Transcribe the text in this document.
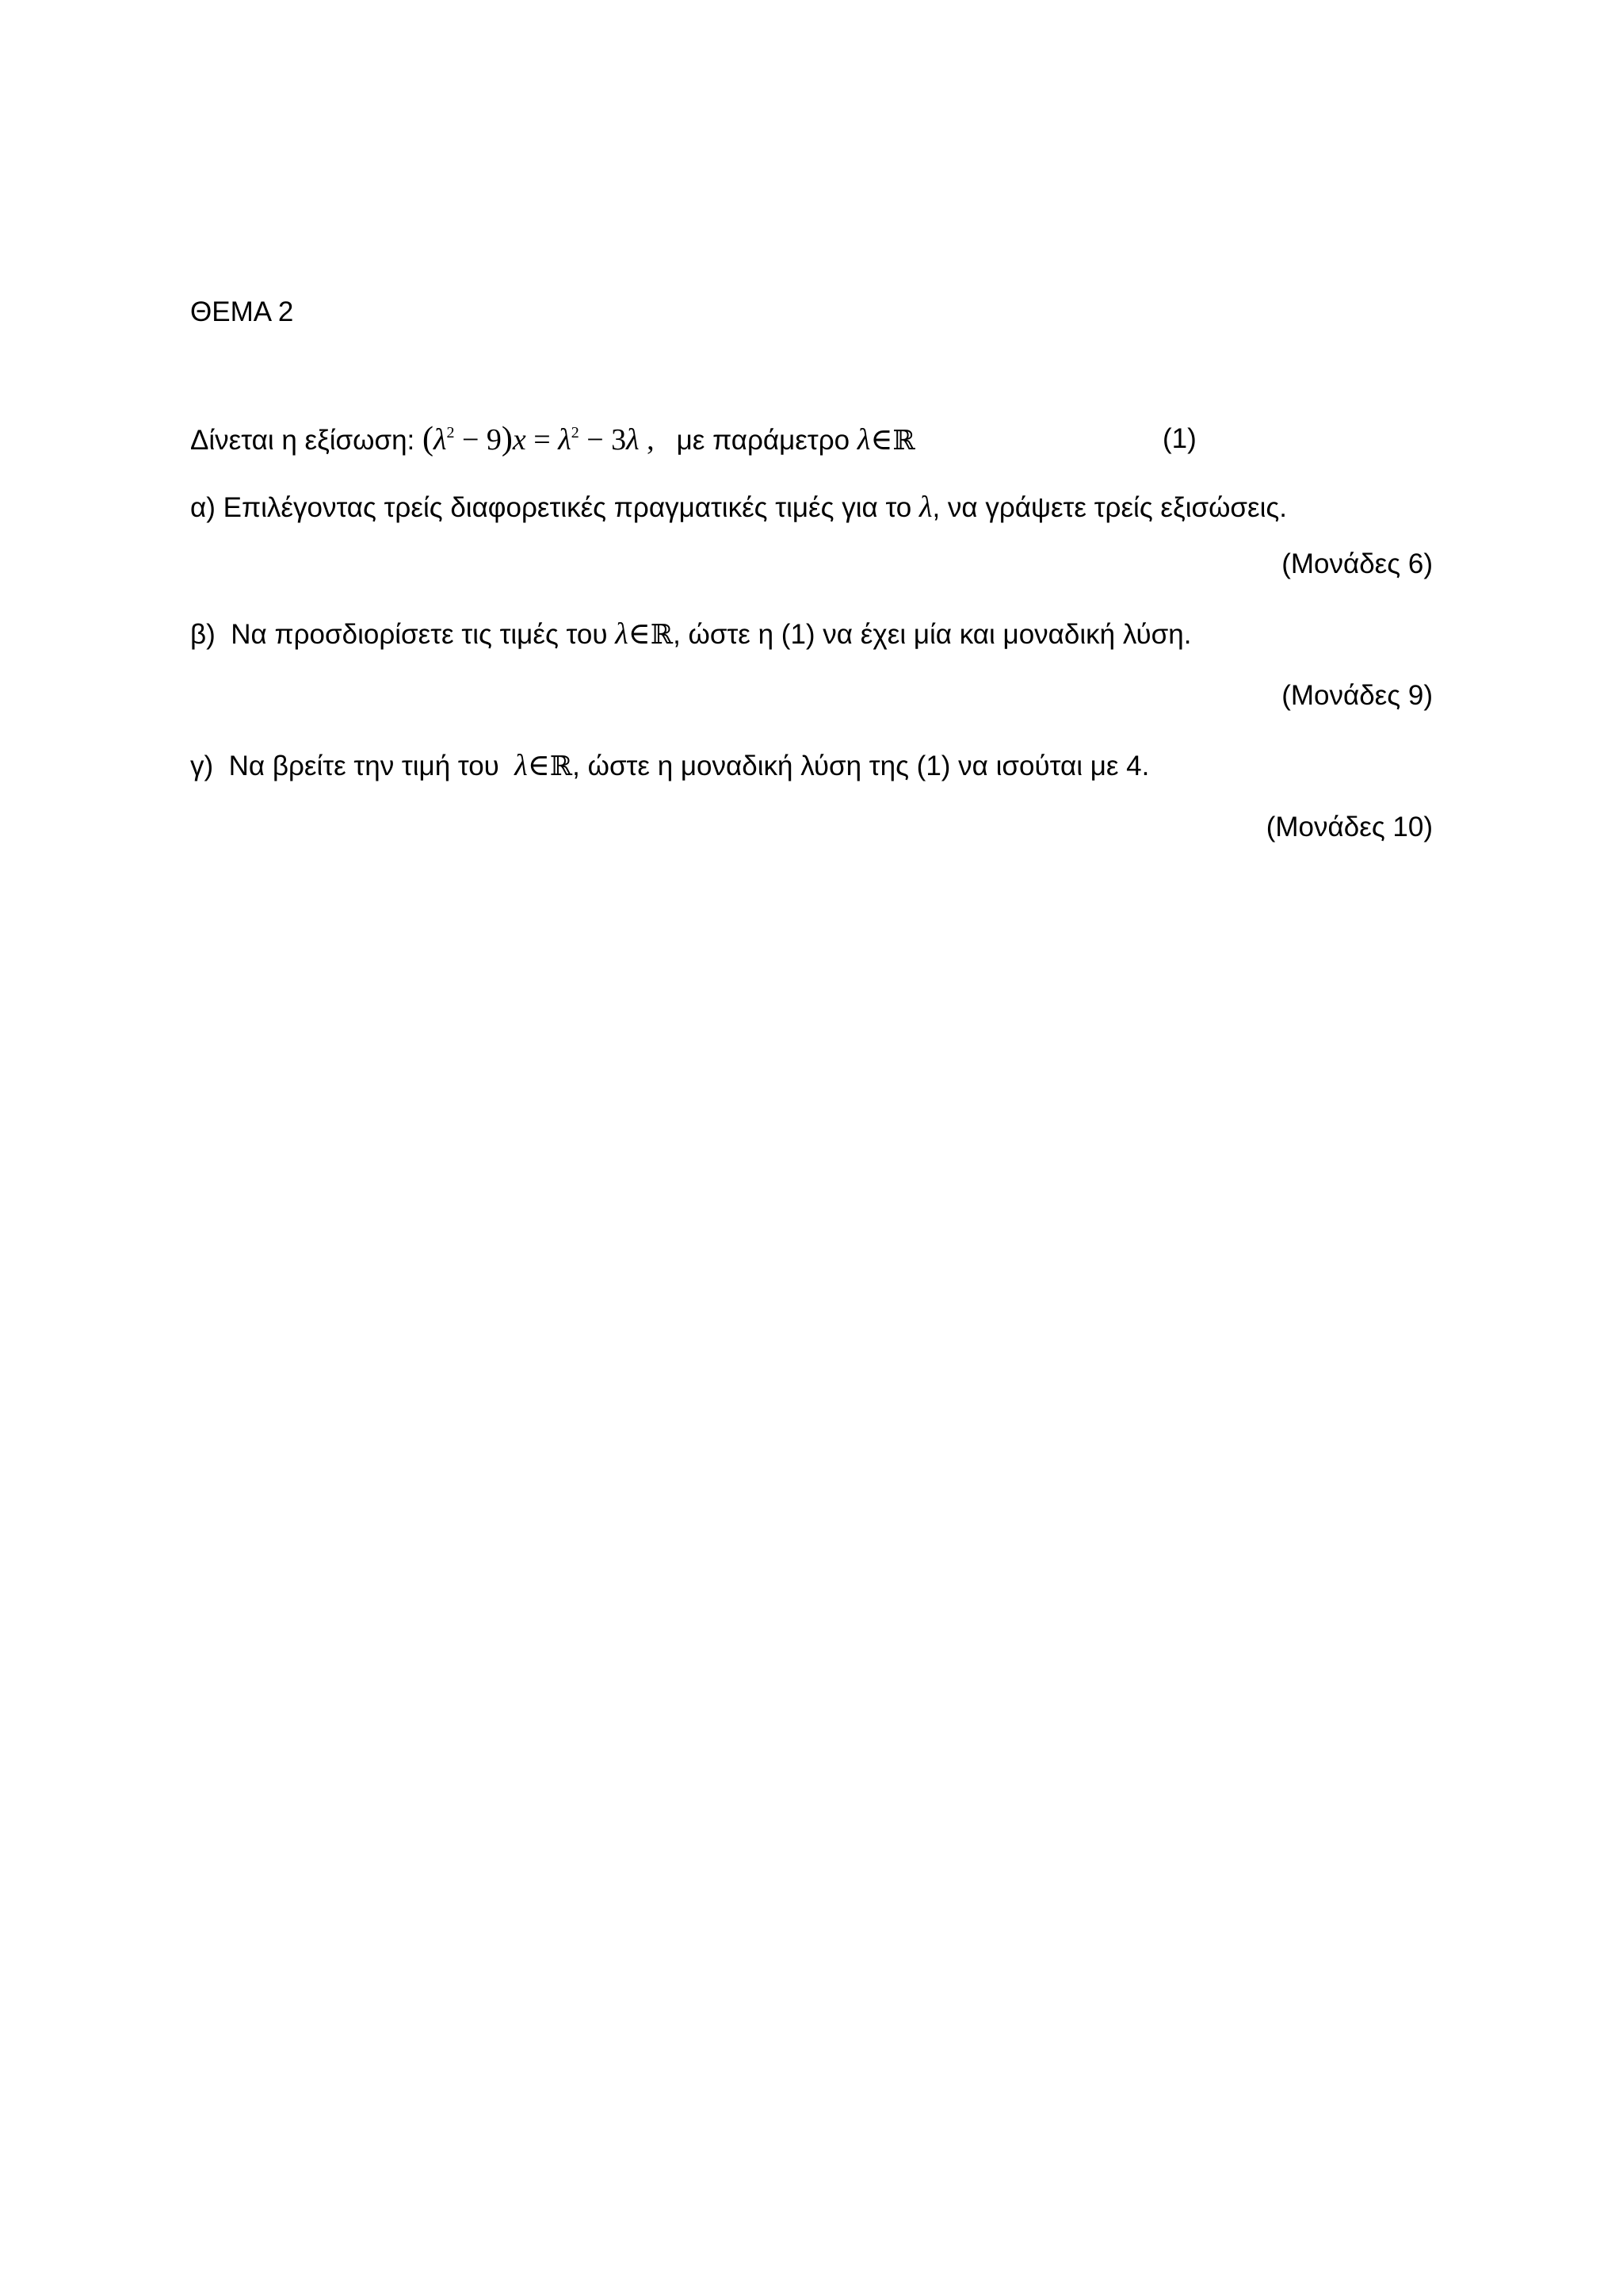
ΘΕΜΑ 2
Δίνεται η εξίσωση: $(\lambda^2 - 9)x = \lambda^2 - 3\lambda$ , με παράμετρο λ∈ℝ	(1)
α) Επιλέγοντας τρείς διαφορετικές πραγματικές τιμές για το λ, να γράψετε τρείς εξισώσεις.
(Μονάδες 6)
β) Να προσδιορίσετε τις τιμές του λ∈ℝ, ώστε η (1) να έχει μία και μοναδική λύση.
(Μονάδες 9)
γ) Να βρείτε την τιμή του  λ∈ℝ, ώστε η μοναδική λύση της (1) να ισούται με 4.
(Μονάδες 10)
